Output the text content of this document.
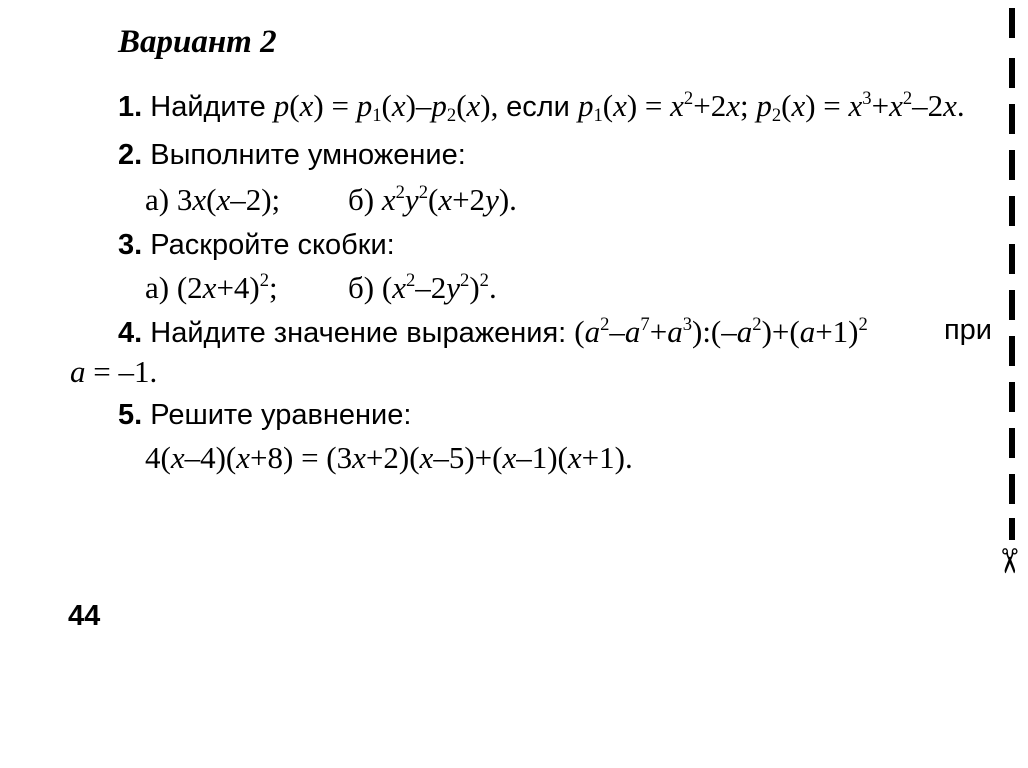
Вариант 2
1. Найдите $p(x) = p_1(x)-p_2(x)$, если $p_1(x) = x^2+2x$; $p_2(x) = x^3+x^2-2x$.
2. Выполните умножение:
а) 3x(x–2); б) $x^2y^2(x+2y)$.
3. Раскройте скобки:
а) $(2x+4)^2$; б) $(x^2-2y^2)^2$.
4. Найдите значение выражения: $(a^2-a^7+a^3):(-a^2)+(a+1)^2$	при
a = –1.
5. Решите уравнение:
4(x–4)(x+8) = (3x+2)(x–5)+(x–1)(x+1).
✂
44
